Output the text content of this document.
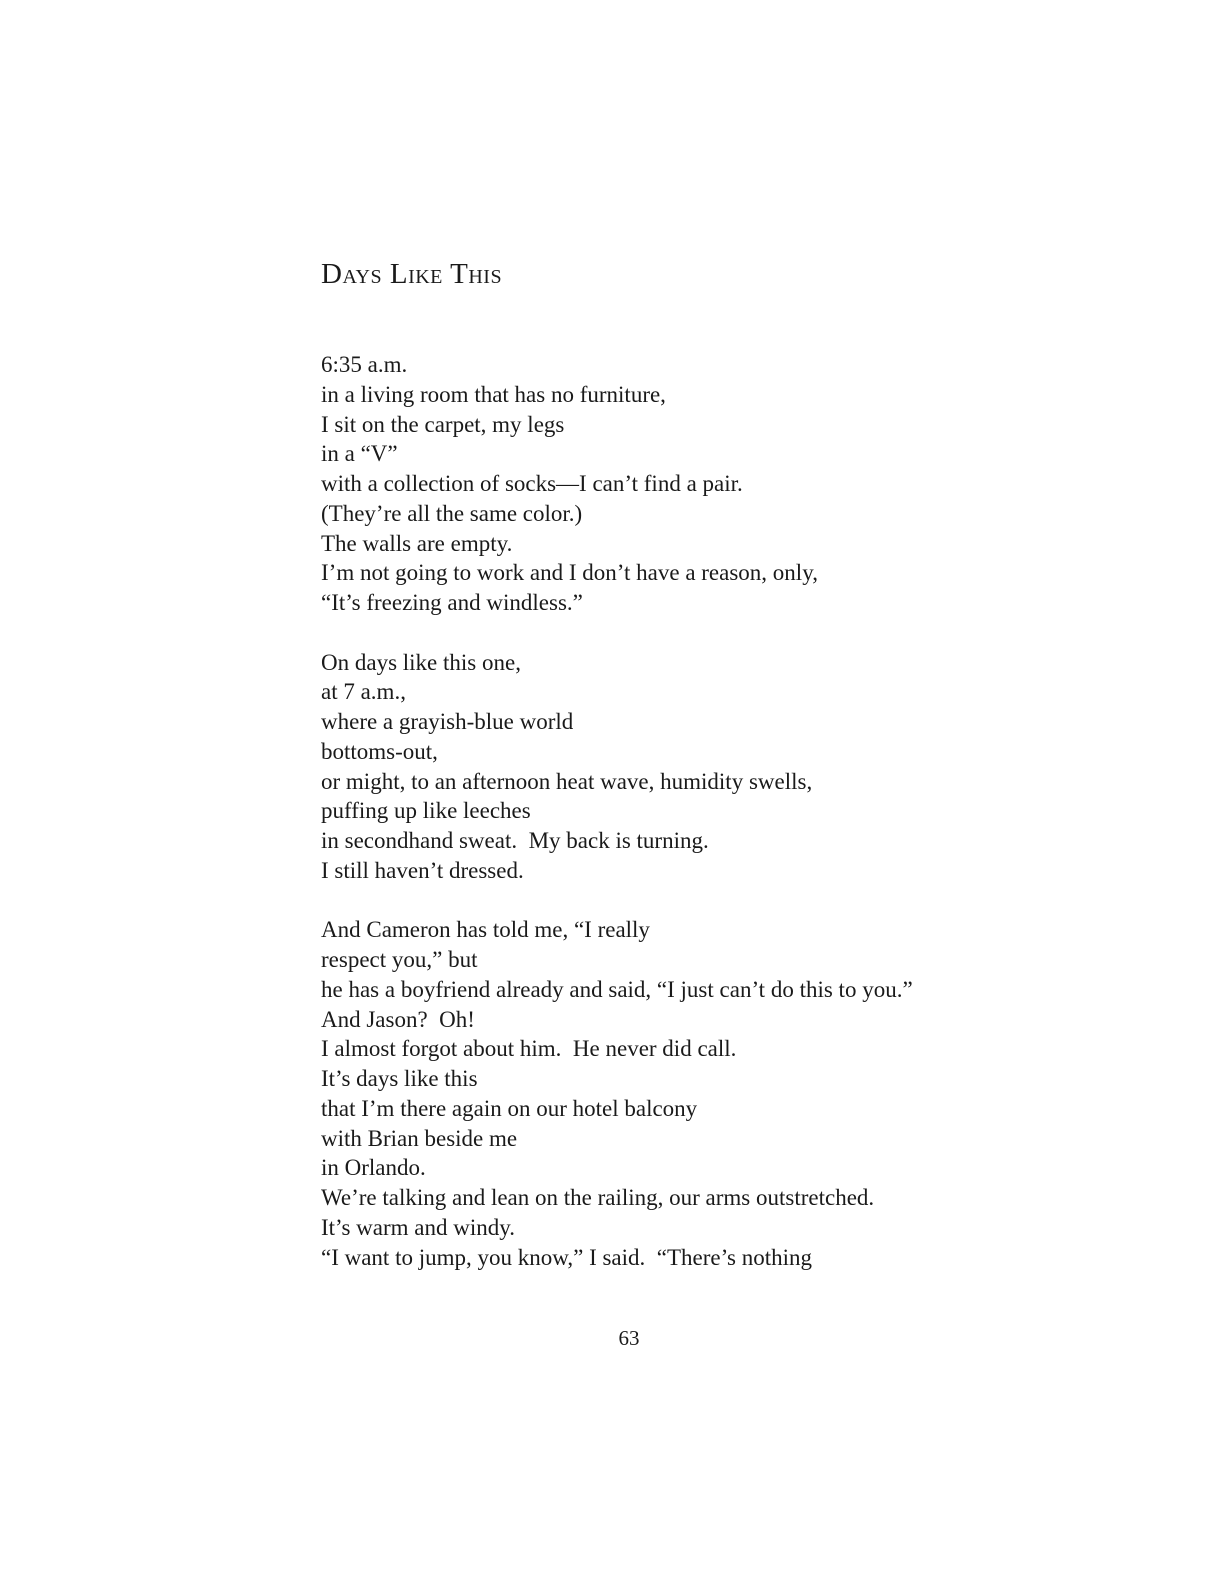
Days Like This
6:35 a.m.
in a living room that has no furniture,
I sit on the carpet, my legs
in a “V”
with a collection of socks—I can’t find a pair.
(They’re all the same color.)
The walls are empty.
I’m not going to work and I don’t have a reason, only,
“It’s freezing and windless.”
On days like this one,
at 7 a.m.,
where a grayish-blue world
bottoms-out,
or might, to an afternoon heat wave, humidity swells,
puffing up like leeches
in secondhand sweat.  My back is turning.
I still haven’t dressed.
And Cameron has told me, “I really
respect you,” but
he has a boyfriend already and said, “I just can’t do this to you.”
And Jason?  Oh!
I almost forgot about him.  He never did call.
It’s days like this
that I’m there again on our hotel balcony
with Brian beside me
in Orlando.
We’re talking and lean on the railing, our arms outstretched.
It’s warm and windy.
“I want to jump, you know,” I said.  “There’s nothing
63
